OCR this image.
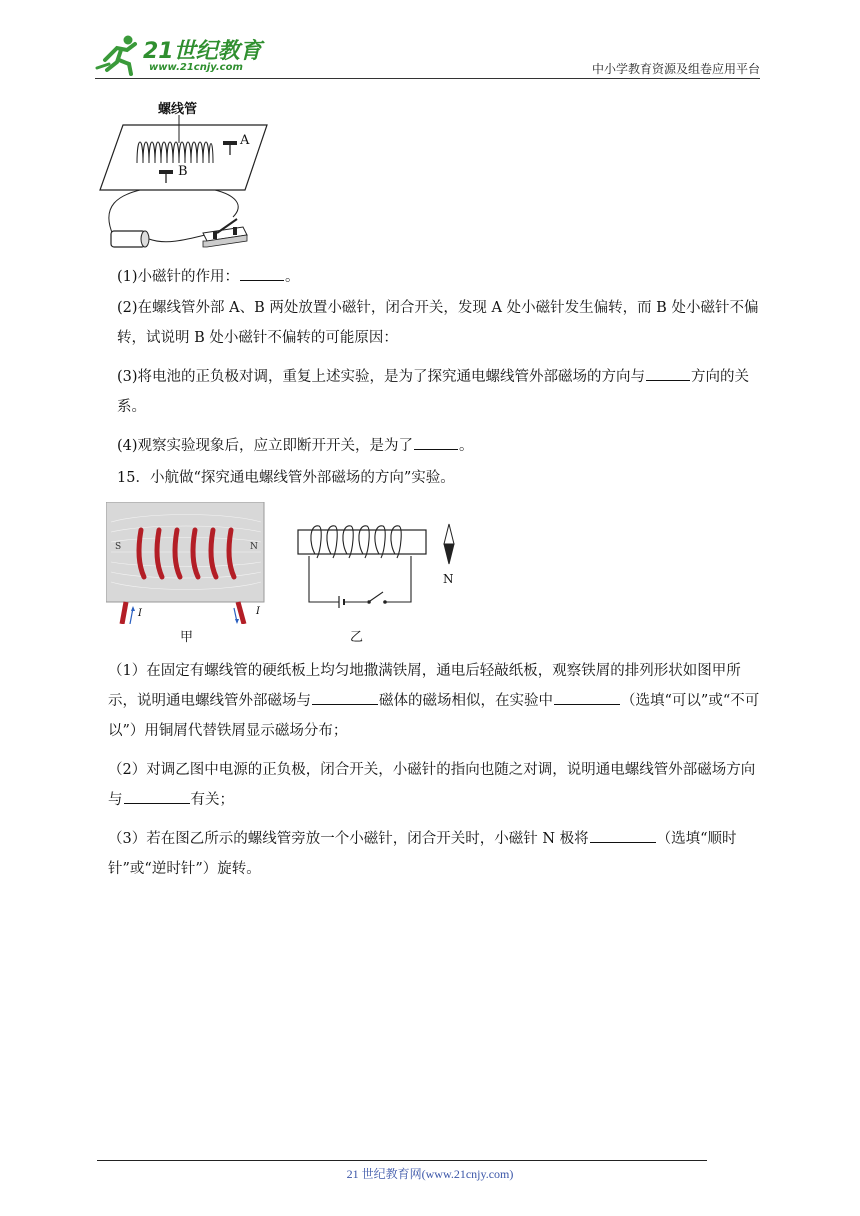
21世纪教育
www.21cnjy.com	中小学教育资源及组卷应用平台
螺线管
A
B
(1)小磁针的作用：	。
(2)在螺线管外部 A、B 两处放置小磁针，闭合开关，发现 A 处小磁针发生偏转，而 B 处小磁针不偏转，试说明 B 处小磁针不偏转的可能原因：
(3)将电池的正负极对调，重复上述实验，是为了探究通电螺线管外部磁场的方向与	方向的关系。
(4)观察实验现象后，应立即断开开关，是为了	。
15．小航做“探究通电螺线管外部磁场的方向”实验。
S	N
I	I
甲
N
乙
（1）在固定有螺线管的硬纸板上均匀地撒满铁屑，通电后轻敲纸板，观察铁屑的排列形状如图甲所示，说明通电螺线管外部磁场与	磁体的磁场相似，在实验中	（选填“可以”或“不可以”）用铜屑代替铁屑显示磁场分布；
（2）对调乙图中电源的正负极，闭合开关，小磁针的指向也随之对调，说明通电螺线管外部磁场方向与	有关；
（3）若在图乙所示的螺线管旁放一个小磁针，闭合开关时，小磁针 N 极将	（选填“顺时针”或“逆时针”）旋转。
21 世纪教育网(www.21cnjy.com)
